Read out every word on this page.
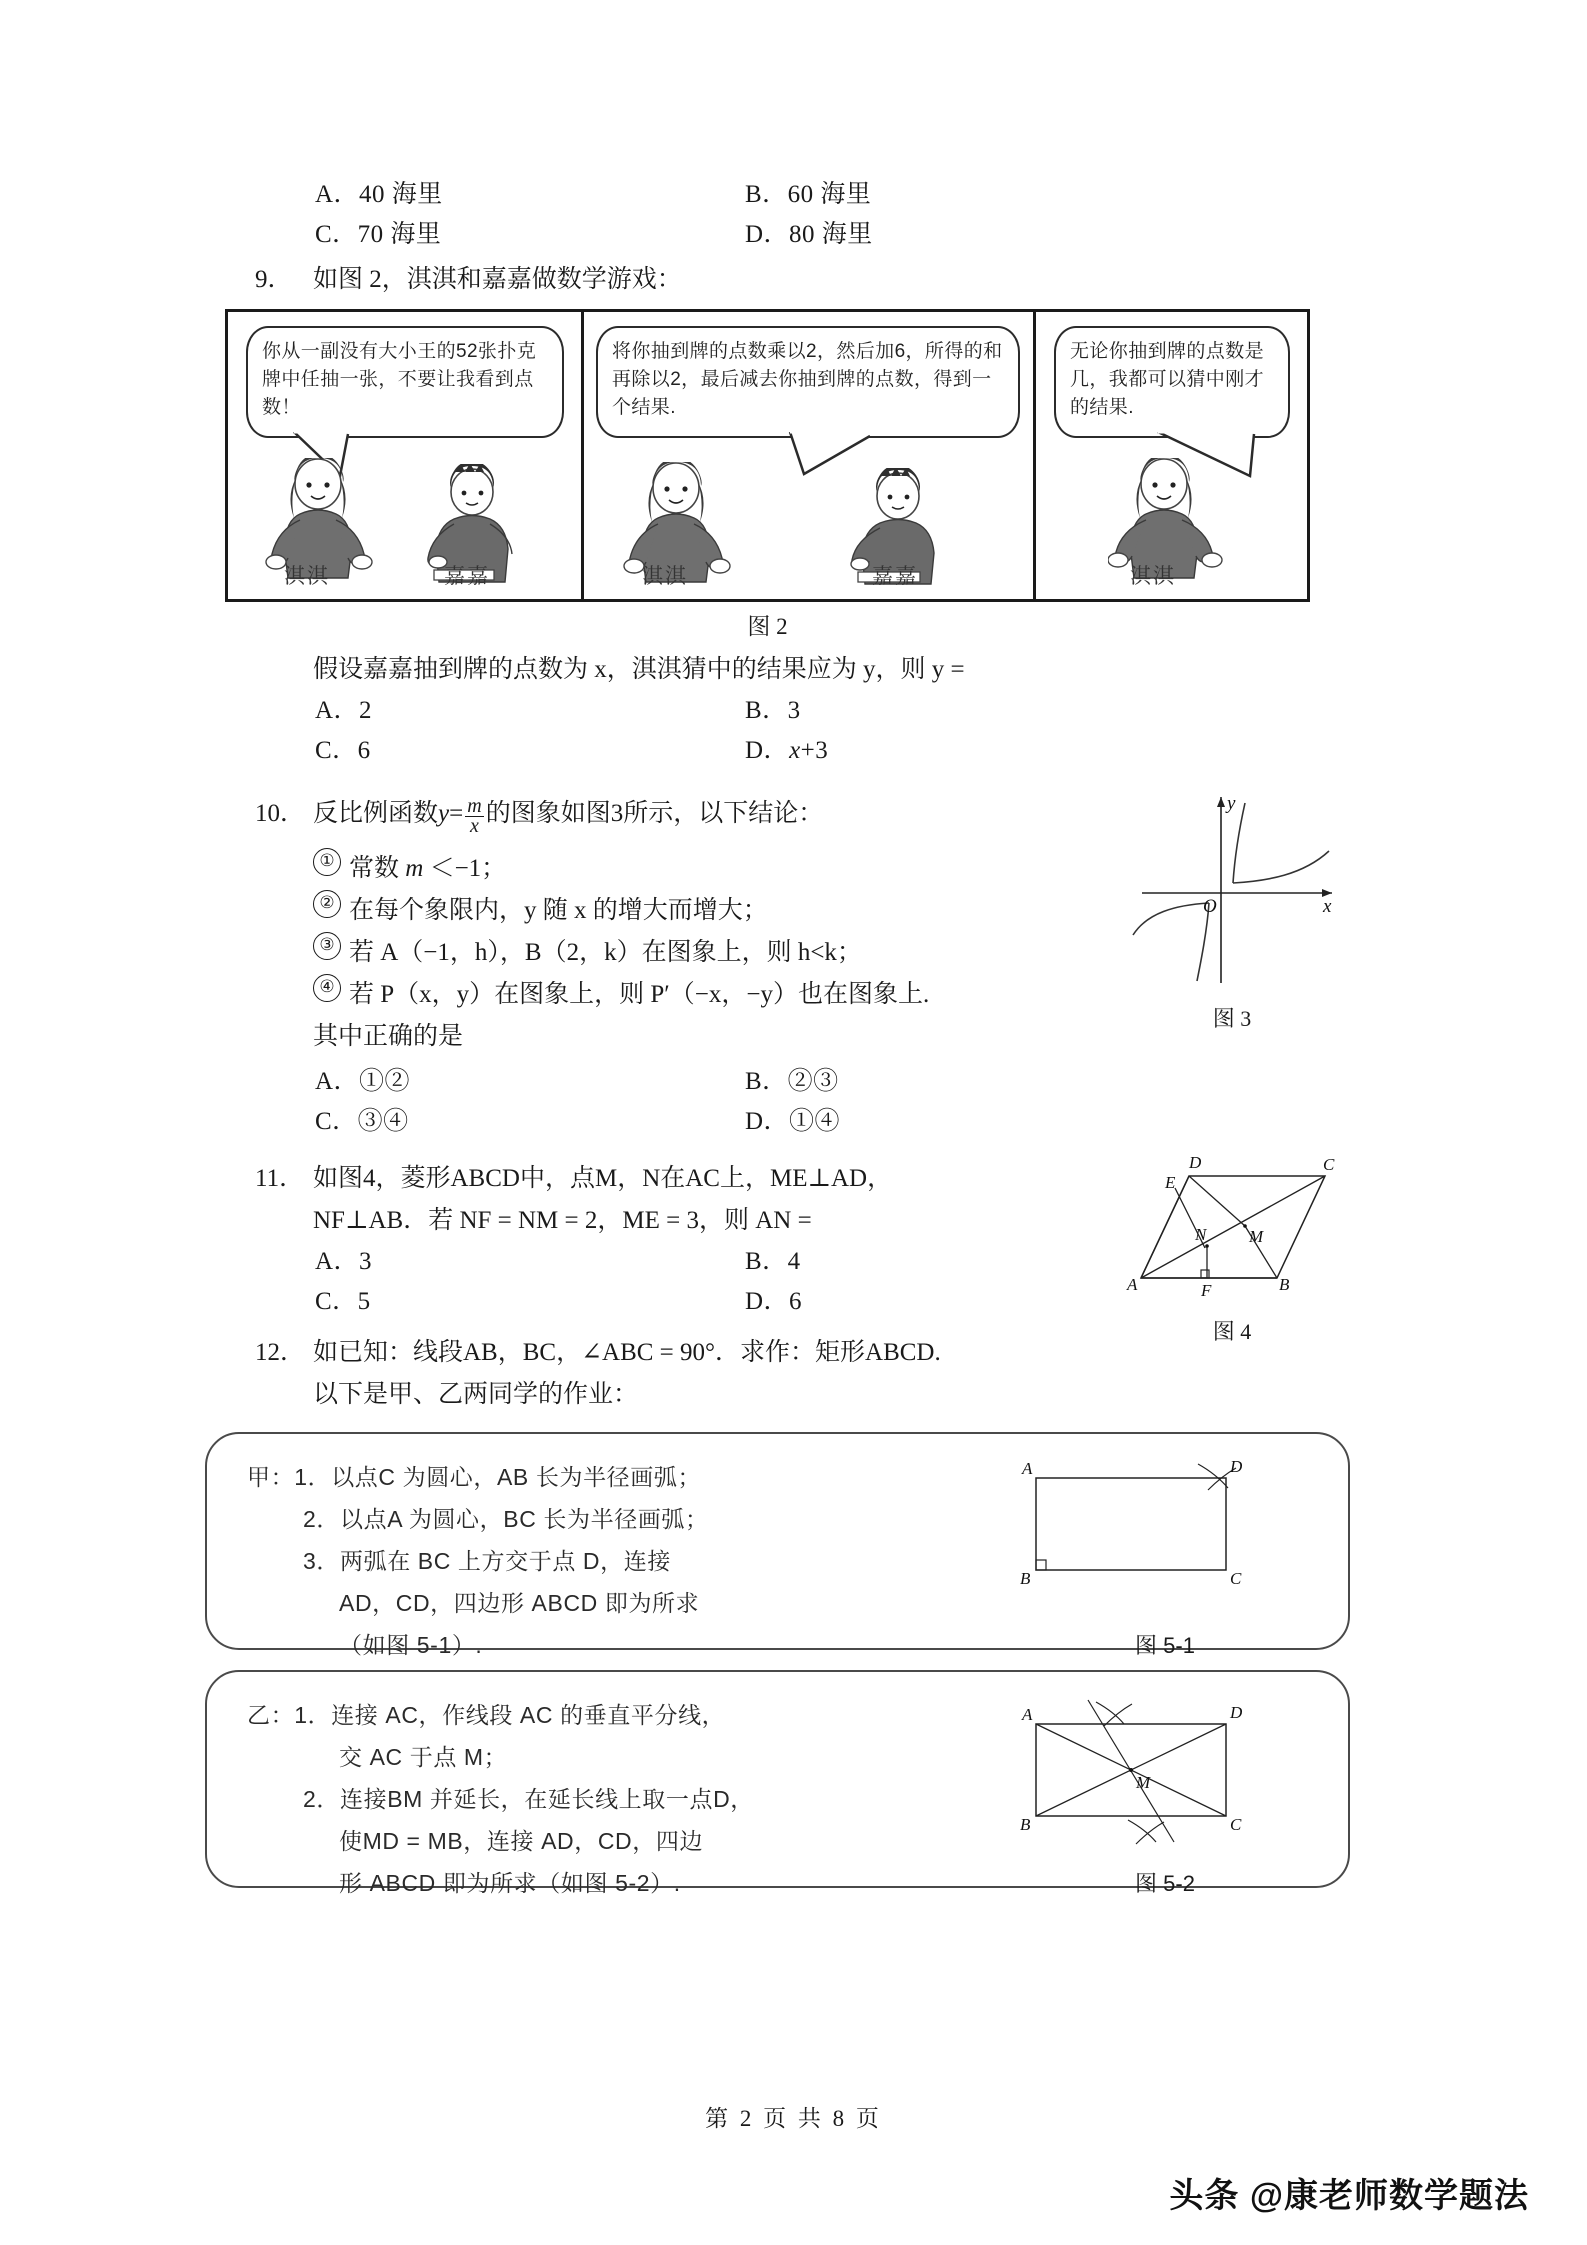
A．40 海里	B．60 海里
C．70 海里	D．80 海里
9． 如图 2，淇淇和嘉嘉做数学游戏：
你从一副没有大小王的52张扑克牌中任抽一张，不要让我看到点数！
淇淇	嘉嘉
将你抽到牌的点数乘以2，然后加6，所得的和再除以2，最后减去你抽到牌的点数，得到一个结果.
淇淇	嘉嘉
无论你抽到牌的点数是几，我都可以猜中刚才的结果.
淇淇
图 2
假设嘉嘉抽到牌的点数为 x，淇淇猜中的结果应为 y，则 y =
A．2	B．3
C．6	D．x+3
10． 反比例函数$y= \frac{m}{x}$ 的图象如图3所示，以下结论：
① 常数 m ＜−1；
② 在每个象限内，y 随 x 的增大而增大；
③ 若 A（−1，h），B（2，k）在图象上，则 h<k；
④ 若 P（x，y）在图象上，则 P′（−x，−y）也在图象上.
其中正确的是
A．①②	B．②③
C．③④	D．①④
y
x
O
图 3
11． 如图4，菱形ABCD中，点M，N在AC上，ME⊥AD，
NF⊥AB．若 NF = NM = 2，ME = 3，则 AN =
A．3	B．4
C．5	D．6
A	B
C
D
E
F
M
N
图 4
12． 如已知：线段AB，BC，∠ABC = 90°．求作：矩形ABCD.
以下是甲、乙两同学的作业：
甲：1．以点C 为圆心，AB 长为半径画弧；
2．以点A 为圆心，BC 长为半径画弧；
3．两弧在 BC 上方交于点 D，连接
AD，CD，四边形 ABCD 即为所求
（如图 5-1）.
A
B	C
D
图 5-1
乙：1．连接 AC，作线段 AC 的垂直平分线，
交 AC 于点 M；
2．连接BM 并延长，在延长线上取一点D，
使MD = MB，连接 AD，CD，四边
形 ABCD 即为所求（如图 5-2）.
A
B	C
D
M
图 5-2
第 2 页 共 8 页
头条 @康老师数学题法
